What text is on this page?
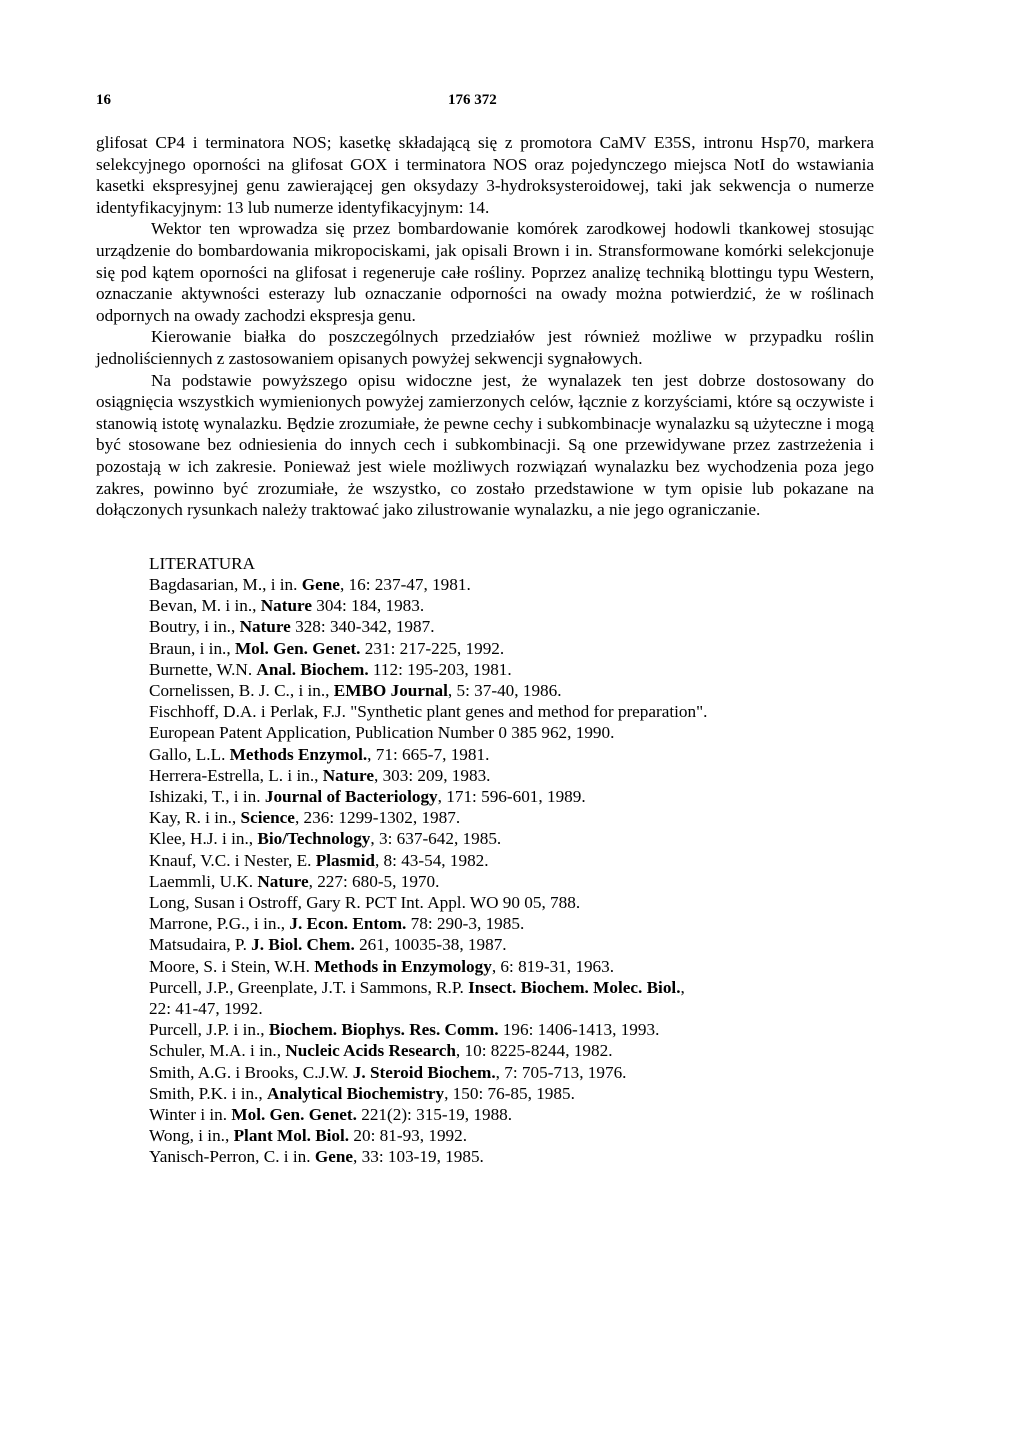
16	176 372

glifosat CP4 i terminatora NOS; kasetkę składającą się z promotora CaMV E35S, intronu Hsp70, markera selekcyjnego oporności na glifosat GOX i terminatora NOS oraz pojedynczego miejsca NotI do wstawiania kasetki ekspresyjnej genu zawierającej gen oksydazy 3-hydroksysteroidowej, taki jak sekwencja o numerze identyfikacyjnym: 13 lub numerze identyfikacyjnym: 14.

Wektor ten wprowadza się przez bombardowanie komórek zarodkowej hodowli tkankowej stosując urządzenie do bombardowania mikropociskami, jak opisali Brown i in. Stransformowane komórki selekcjonuje się pod kątem oporności na glifosat i regeneruje całe rośliny. Poprzez analizę techniką blottingu typu Western, oznaczanie aktywności esterazy lub oznaczanie odporności na owady można potwierdzić, że w roślinach odpornych na owady zachodzi ekspresja genu.

Kierowanie białka do poszczególnych przedziałów jest również możliwe w przypadku roślin jednoliściennych z zastosowaniem opisanych powyżej sekwencji sygnałowych.

Na podstawie powyższego opisu widoczne jest, że wynalazek ten jest dobrze dostosowany do osiągnięcia wszystkich wymienionych powyżej zamierzonych celów, łącznie z korzyściami, które są oczywiste i stanowią istotę wynalazku. Będzie zrozumiałe, że pewne cechy i subkombinacje wynalazku są użyteczne i mogą być stosowane bez odniesienia do innych cech i subkombinacji. Są one przewidywane przez zastrzeżenia i pozostają w ich zakresie. Ponieważ jest wiele możliwych rozwiązań wynalazku bez wychodzenia poza jego zakres, powinno być zrozumiałe, że wszystko, co zostało przedstawione w tym opisie lub pokazane na dołączonych rysunkach należy traktować jako zilustrowanie wynalazku, a nie jego ograniczanie.

LITERATURA

Bagdasarian, M., i in. Gene, 16: 237-47, 1981.
Bevan, M. i in., Nature 304: 184, 1983.
Boutry, i in., Nature 328: 340-342, 1987.
Braun, i in., Mol. Gen. Genet. 231: 217-225, 1992.
Burnette, W.N. Anal. Biochem. 112: 195-203, 1981.
Cornelissen, B. J. C., i in., EMBO Journal, 5: 37-40, 1986.
Fischhoff, D.A. i Perlak, F.J. "Synthetic plant genes and method for preparation".
European Patent Application, Publication Number 0 385 962, 1990.
Gallo, L.L. Methods Enzymol., 71: 665-7, 1981.
Herrera-Estrella, L. i in., Nature, 303: 209, 1983.
Ishizaki, T., i in. Journal of Bacteriology, 171: 596-601, 1989.
Kay, R. i in., Science, 236: 1299-1302, 1987.
Klee, H.J. i in., Bio/Technology, 3: 637-642, 1985.
Knauf, V.C. i Nester, E. Plasmid, 8: 43-54, 1982.
Laemmli, U.K. Nature, 227: 680-5, 1970.
Long, Susan i Ostroff, Gary R. PCT Int. Appl. WO 90 05, 788.
Marrone, P.G., i in., J. Econ. Entom. 78: 290-3, 1985.
Matsudaira, P. J. Biol. Chem. 261, 10035-38, 1987.
Moore, S. i Stein, W.H. Methods in Enzymology, 6: 819-31, 1963.
Purcell, J.P., Greenplate, J.T. i Sammons, R.P. Insect. Biochem. Molec. Biol.,
22: 41-47, 1992.
Purcell, J.P. i in., Biochem. Biophys. Res. Comm. 196: 1406-1413, 1993.
Schuler, M.A. i in., Nucleic Acids Research, 10: 8225-8244, 1982.
Smith, A.G. i Brooks, C.J.W. J. Steroid Biochem., 7: 705-713, 1976.
Smith, P.K. i in., Analytical Biochemistry, 150: 76-85, 1985.
Winter i in. Mol. Gen. Genet. 221(2): 315-19, 1988.
Wong, i in., Plant Mol. Biol. 20: 81-93, 1992.
Yanisch-Perron, C. i in. Gene, 33: 103-19, 1985.
